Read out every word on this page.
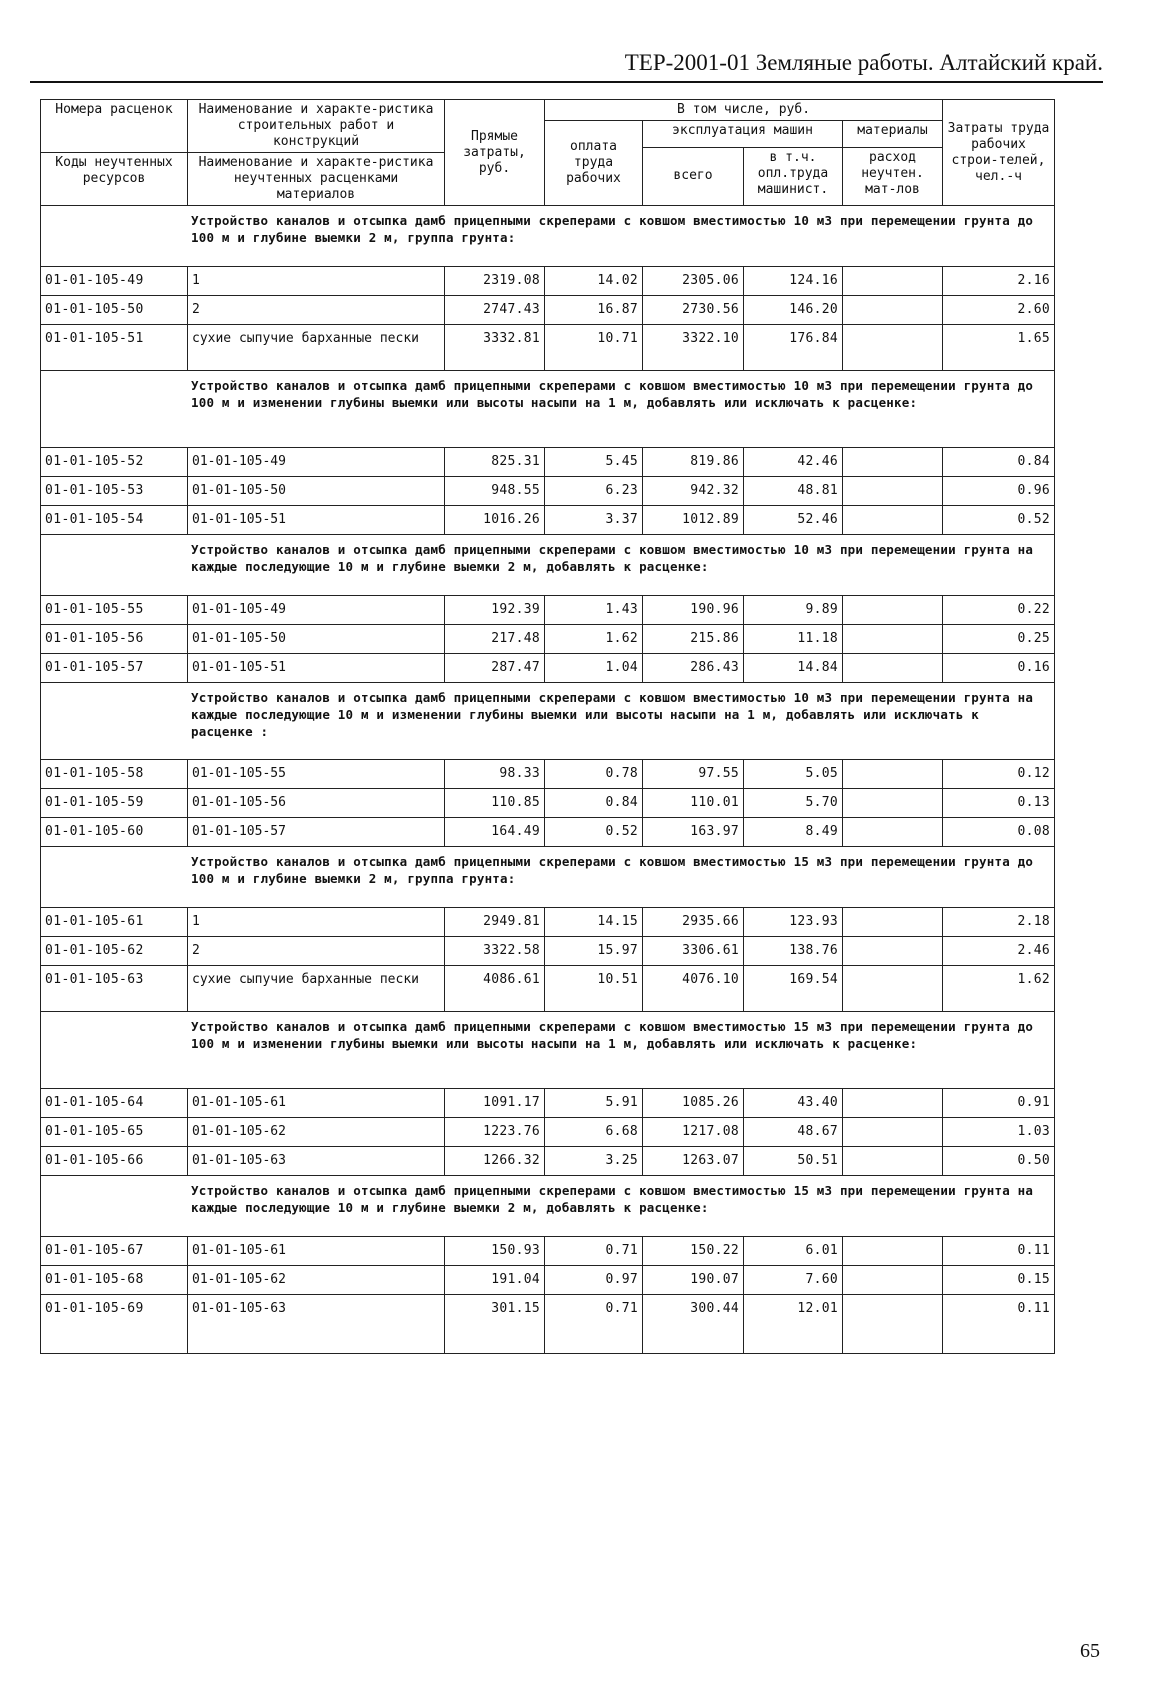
ТЕР-2001-01 Земляные работы. Алтайский край.
Номера расценок	Наименование и характе-ристика строительных работ и конструкций	Прямые затраты, руб.	В том числе, руб.				Затраты труда рабочих строи-телей, чел.-ч
			оплата труда рабочих	эксплуатация машин		материалы	
				всего	в т.ч. опл.труда машинист.	расход неучтен. мат-лов	
Коды неучтенных ресурсов	Наименование и характе-ристика неучтенных расценками материалов						
Устройство каналов и отсыпка дамб прицепными скреперами с ковшом вместимостью 10 м3 при перемещении грунта до 100 м и глубине выемки 2 м, группа грунта:							
01-01-105-49	1	2319.08	14.02	2305.06	124.16		2.16
01-01-105-50	2	2747.43	16.87	2730.56	146.20		2.60
01-01-105-51	сухие сыпучие барханные пески	3332.81	10.71	3322.10	176.84		1.65
Устройство каналов и отсыпка дамб прицепными скреперами с ковшом вместимостью 10 м3 при перемещении грунта до 100 м и изменении глубины выемки или высоты насыпи на 1 м, добавлять или исключать к расценке:							
01-01-105-52	01-01-105-49	825.31	5.45	819.86	42.46		0.84
01-01-105-53	01-01-105-50	948.55	6.23	942.32	48.81		0.96
01-01-105-54	01-01-105-51	1016.26	3.37	1012.89	52.46		0.52
Устройство каналов и отсыпка дамб прицепными скреперами с ковшом вместимостью 10 м3 при перемещении грунта на каждые последующие 10 м и глубине выемки 2 м, добавлять к расценке:							
01-01-105-55	01-01-105-49	192.39	1.43	190.96	9.89		0.22
01-01-105-56	01-01-105-50	217.48	1.62	215.86	11.18		0.25
01-01-105-57	01-01-105-51	287.47	1.04	286.43	14.84		0.16
Устройство каналов и отсыпка дамб прицепными скреперами с ковшом вместимостью 10 м3 при перемещении грунта на каждые последующие 10 м и изменении глубины выемки или высоты насыпи на 1 м, добавлять или исключать к расценке :							
01-01-105-58	01-01-105-55	98.33	0.78	97.55	5.05		0.12
01-01-105-59	01-01-105-56	110.85	0.84	110.01	5.70		0.13
01-01-105-60	01-01-105-57	164.49	0.52	163.97	8.49		0.08
Устройство каналов и отсыпка дамб прицепными скреперами с ковшом вместимостью 15 м3 при перемещении грунта до 100 м и глубине выемки 2 м, группа грунта:							
01-01-105-61	1	2949.81	14.15	2935.66	123.93		2.18
01-01-105-62	2	3322.58	15.97	3306.61	138.76		2.46
01-01-105-63	сухие сыпучие барханные пески	4086.61	10.51	4076.10	169.54		1.62
Устройство каналов и отсыпка дамб прицепными скреперами с ковшом вместимостью 15 м3 при перемещении грунта до 100 м и изменении глубины выемки или высоты насыпи на 1 м, добавлять или исключать к расценке:							
01-01-105-64	01-01-105-61	1091.17	5.91	1085.26	43.40		0.91
01-01-105-65	01-01-105-62	1223.76	6.68	1217.08	48.67		1.03
01-01-105-66	01-01-105-63	1266.32	3.25	1263.07	50.51		0.50
Устройство каналов и отсыпка дамб прицепными скреперами с ковшом вместимостью 15 м3 при перемещении грунта на каждые последующие 10 м и глубине выемки 2 м, добавлять к расценке:							
01-01-105-67	01-01-105-61	150.93	0.71	150.22	6.01		0.11
01-01-105-68	01-01-105-62	191.04	0.97	190.07	7.60		0.15
01-01-105-69	01-01-105-63	301.15	0.71	300.44	12.01		0.11
65
